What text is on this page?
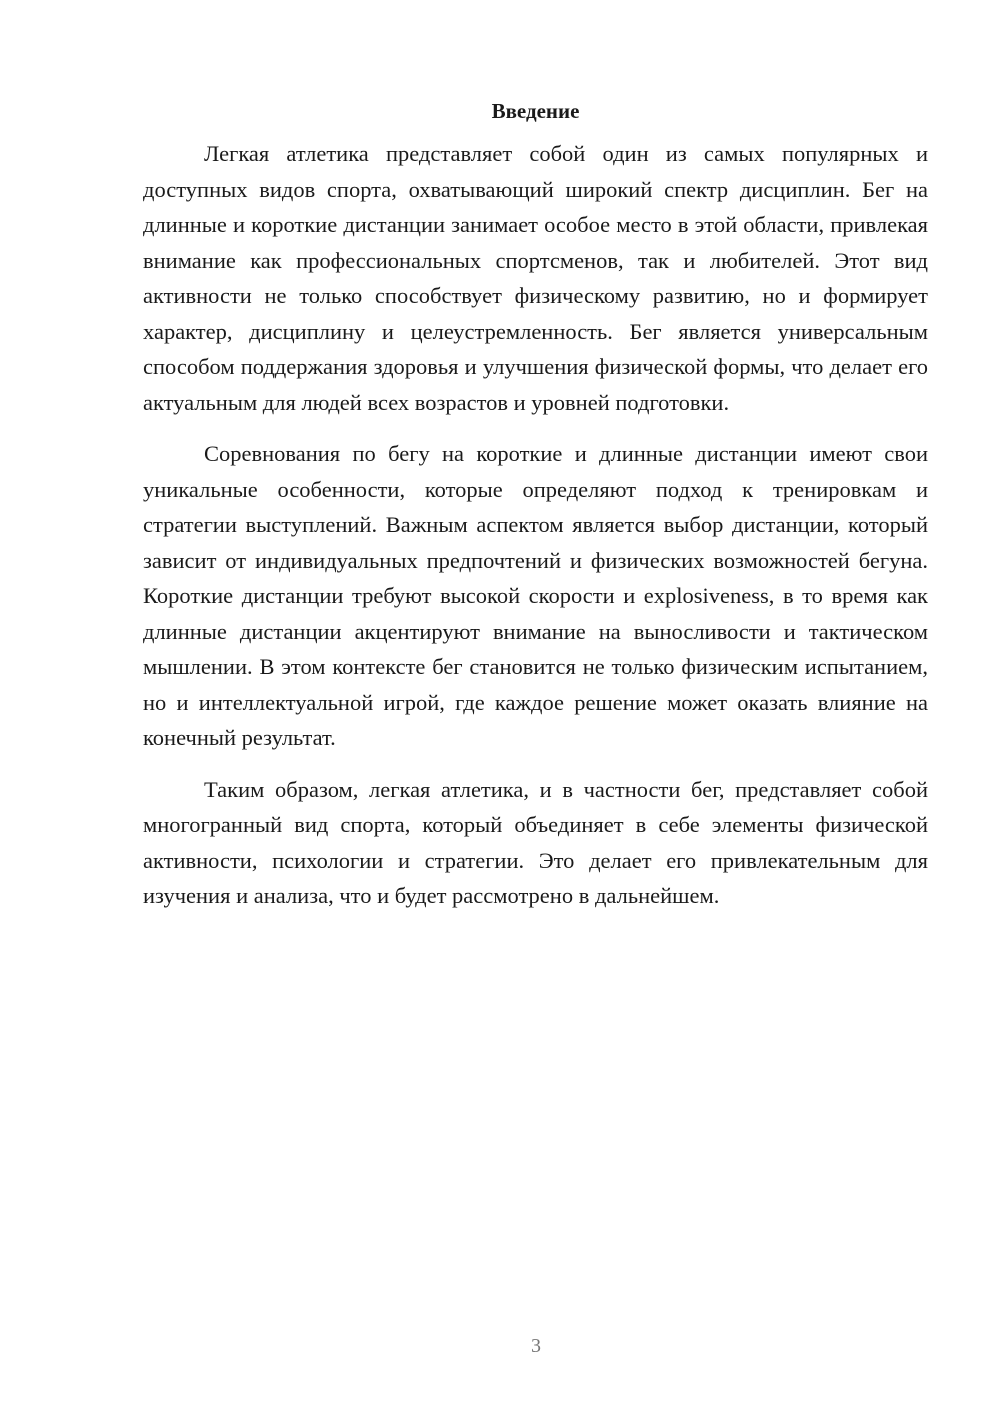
Введение

Легкая атлетика представляет собой один из самых популярных и доступных видов спорта, охватывающий широкий спектр дисциплин. Бег на длинные и короткие дистанции занимает особое место в этой области, привлекая внимание как профессиональных спортсменов, так и любителей. Этот вид активности не только способствует физическому развитию, но и формирует характер, дисциплину и целеустремленность. Бег является универсальным способом поддержания здоровья и улучшения физической формы, что делает его актуальным для людей всех возрастов и уровней подготовки.

Соревнования по бегу на короткие и длинные дистанции имеют свои уникальные особенности, которые определяют подход к тренировкам и стратегии выступлений. Важным аспектом является выбор дистанции, который зависит от индивидуальных предпочтений и физических возможностей бегуна. Короткие дистанции требуют высокой скорости и explosiveness, в то время как длинные дистанции акцентируют внимание на выносливости и тактическом мышлении. В этом контексте бег становится не только физическим испытанием, но и интеллектуальной игрой, где каждое решение может оказать влияние на конечный результат.

Таким образом, легкая атлетика, и в частности бег, представляет собой многогранный вид спорта, который объединяет в себе элементы физической активности, психологии и стратегии. Это делает его привлекательным для изучения и анализа, что и будет рассмотрено в дальнейшем.

3
